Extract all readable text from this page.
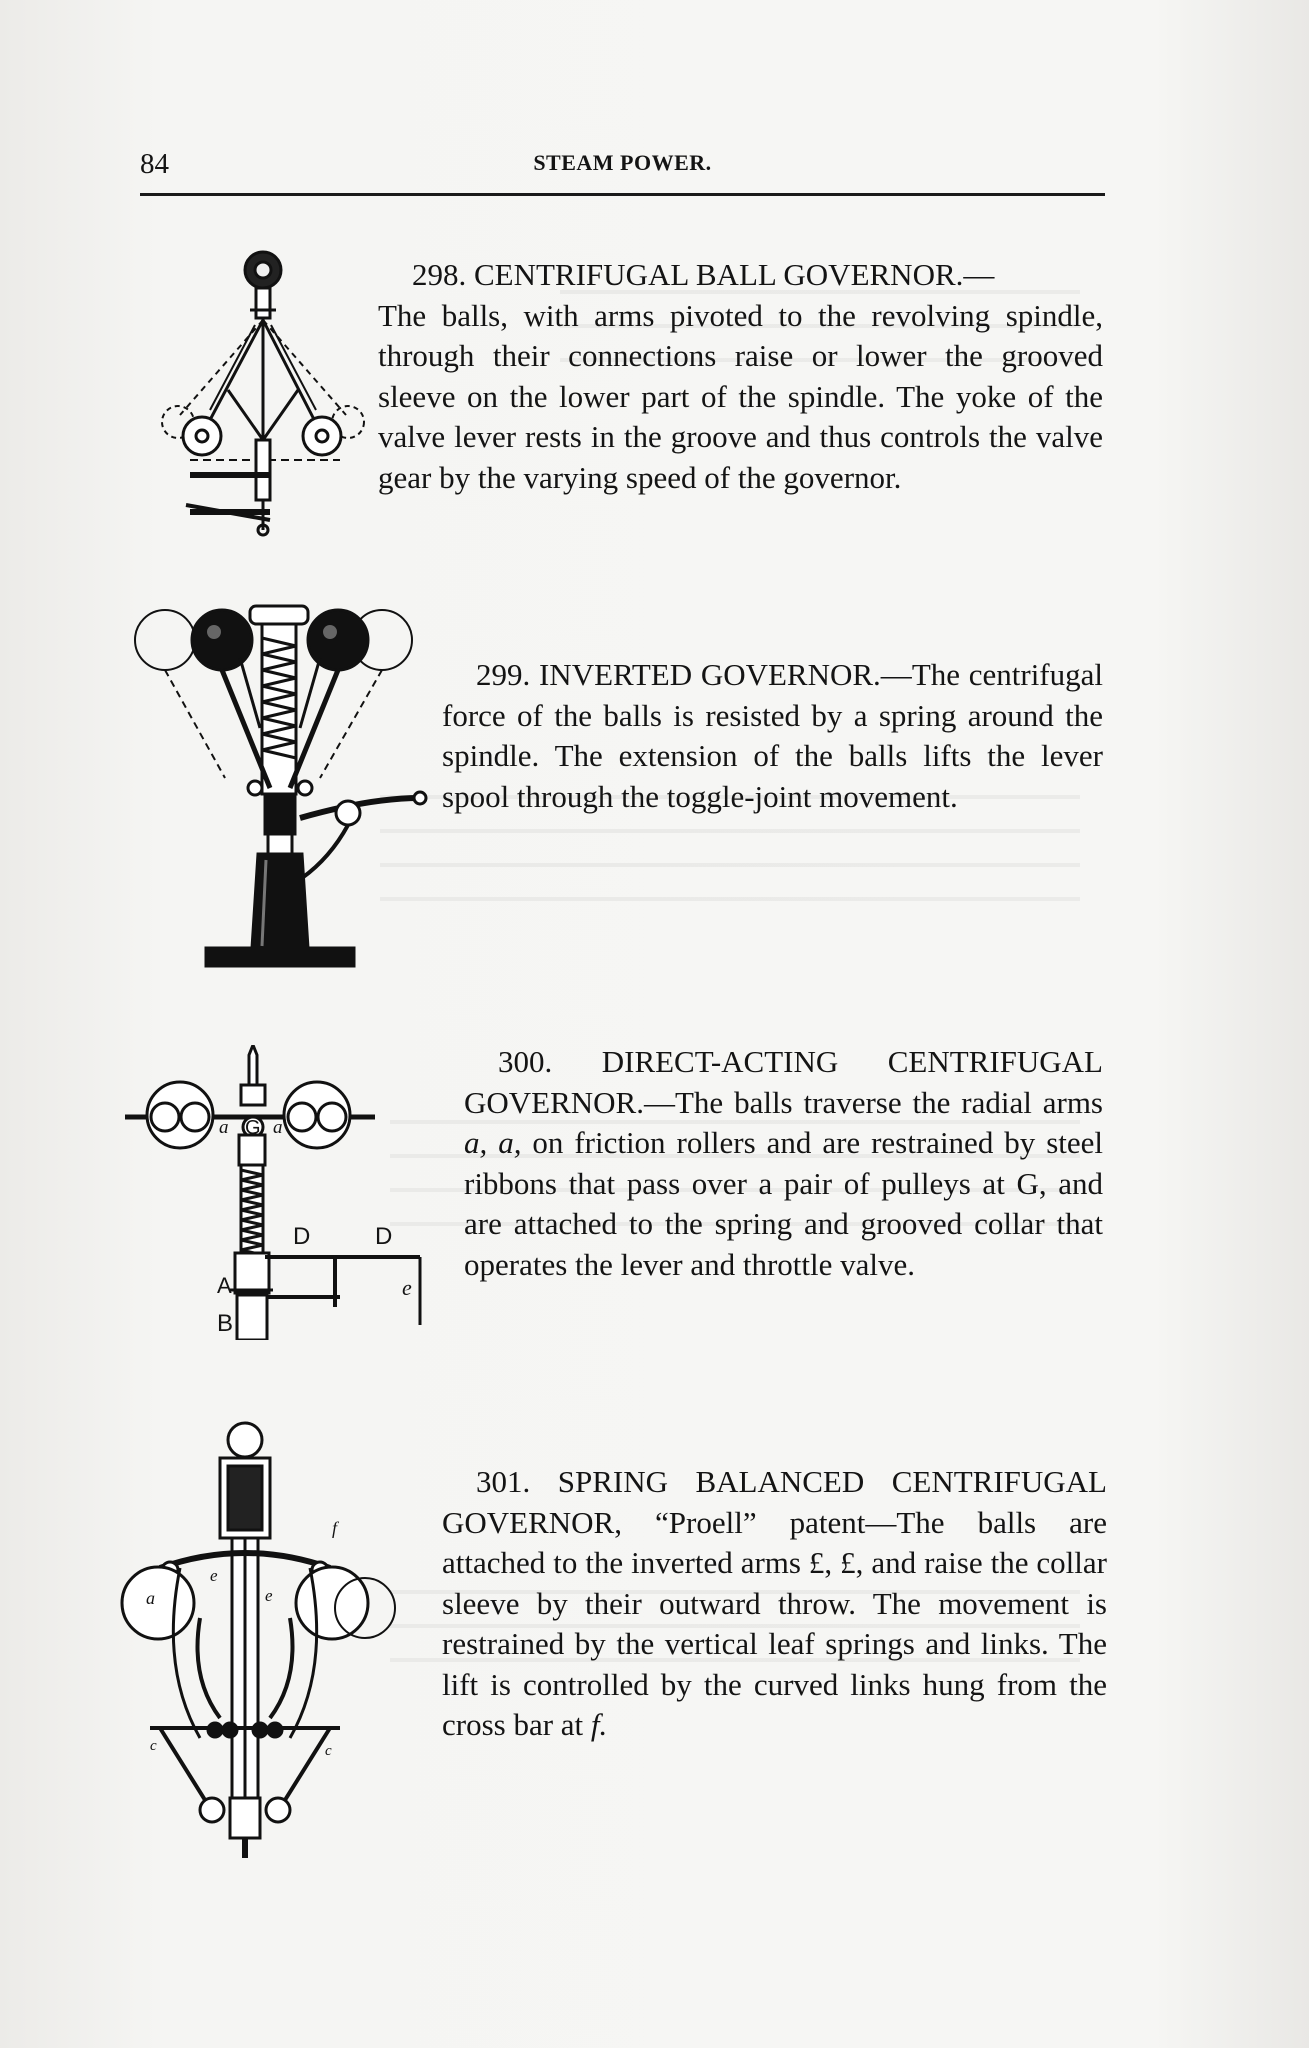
84	STEAM POWER.

298. CENTRIFUGAL BALL GOVERNOR.—
The balls, with arms pivoted to the revolving spindle, through their connections raise or lower the grooved sleeve on the lower part of the spindle. The yoke of the valve lever rests in the groove and thus controls the valve gear by the varying speed of the governor.

299. INVERTED GOVERNOR.—The centrifugal force of the balls is resisted by a spring around the spindle. The extension of the balls lifts the lever spool through the toggle-joint movement.

a G a
D	D
A
B
e

300. DIRECT-ACTING CENTRIFUGAL GOVERNOR.—The balls traverse the radial arms a, a, on friction rollers and are restrained by steel ribbons that pass over a pair of pulleys at G, and are attached to the spring and grooved collar that operates the lever and throttle valve.

a
e
e
f
c	c

301. SPRING BALANCED CENTRIFUGAL GOVERNOR, “Proell” patent—The balls are attached to the inverted arms £, £, and raise the collar sleeve by their outward throw. The movement is restrained by the vertical leaf springs and links. The lift is controlled by the curved links hung from the cross bar at f.
